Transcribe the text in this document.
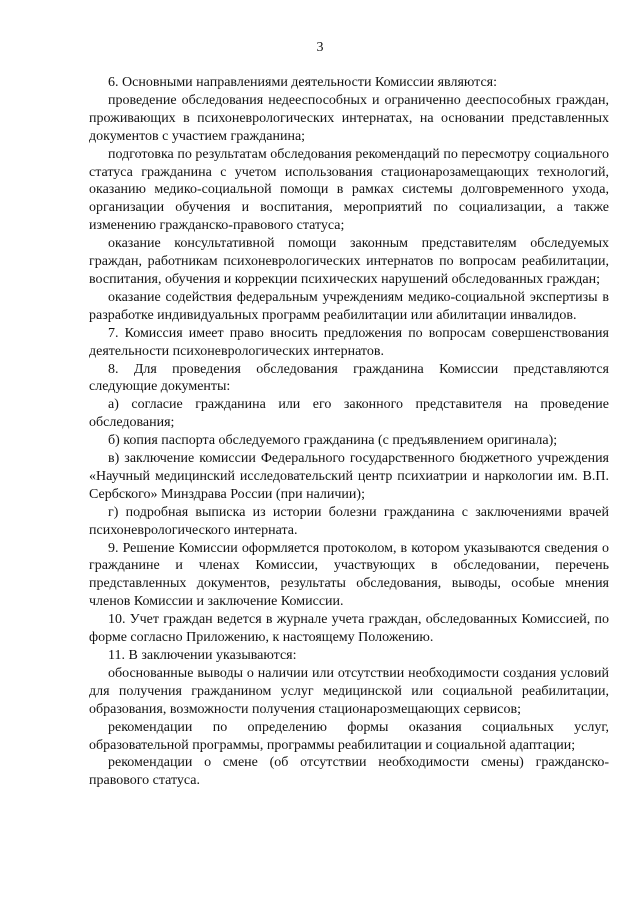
3

6. Основными направлениями деятельности Комиссии являются:

проведение обследования недееспособных и ограниченно дееспособных граждан, проживающих в психоневрологических интернатах, на основании представленных документов с участием гражданина;

подготовка по результатам обследования рекомендаций по пересмотру социального статуса гражданина с учетом использования стационарозамещающих технологий, оказанию медико-социальной помощи в рамках системы долговременного ухода, организации обучения и воспитания, мероприятий по социализации, а также изменению гражданско-правового статуса;

оказание консультативной помощи законным представителям обследуемых граждан, работникам психоневрологических интернатов по вопросам реабилитации, воспитания, обучения и коррекции психических нарушений обследованных граждан;

оказание содействия федеральным учреждениям медико-социальной экспертизы в разработке индивидуальных программ реабилитации или абилитации инвалидов.

7. Комиссия имеет право вносить предложения по вопросам совершенствования деятельности психоневрологических интернатов.

8. Для проведения обследования гражданина Комиссии представляются следующие документы:

а) согласие гражданина или его законного представителя на проведение обследования;

б) копия паспорта обследуемого гражданина (с предъявлением оригинала);

в) заключение комиссии Федерального государственного бюджетного учреждения «Научный медицинский исследовательский центр психиатрии и наркологии им. В.П. Сербского» Минздрава России (при наличии);

г) подробная выписка из истории болезни гражданина с заключениями врачей психоневрологического интерната.

9. Решение Комиссии оформляется протоколом, в котором указываются сведения о гражданине и членах Комиссии, участвующих в обследовании, перечень представленных документов, результаты обследования, выводы, особые мнения членов Комиссии и заключение Комиссии.

10. Учет граждан ведется в журнале учета граждан, обследованных Комиссией, по форме согласно Приложению, к настоящему Положению.

11. В заключении указываются:

обоснованные выводы о наличии или отсутствии необходимости создания условий для получения гражданином услуг медицинской или социальной реабилитации, образования, возможности получения стационарозмещающих сервисов;

рекомендации по определению формы оказания социальных услуг, образовательной программы, программы реабилитации и социальной адаптации;

рекомендации о смене (об отсутствии необходимости смены) гражданско-правового статуса.
